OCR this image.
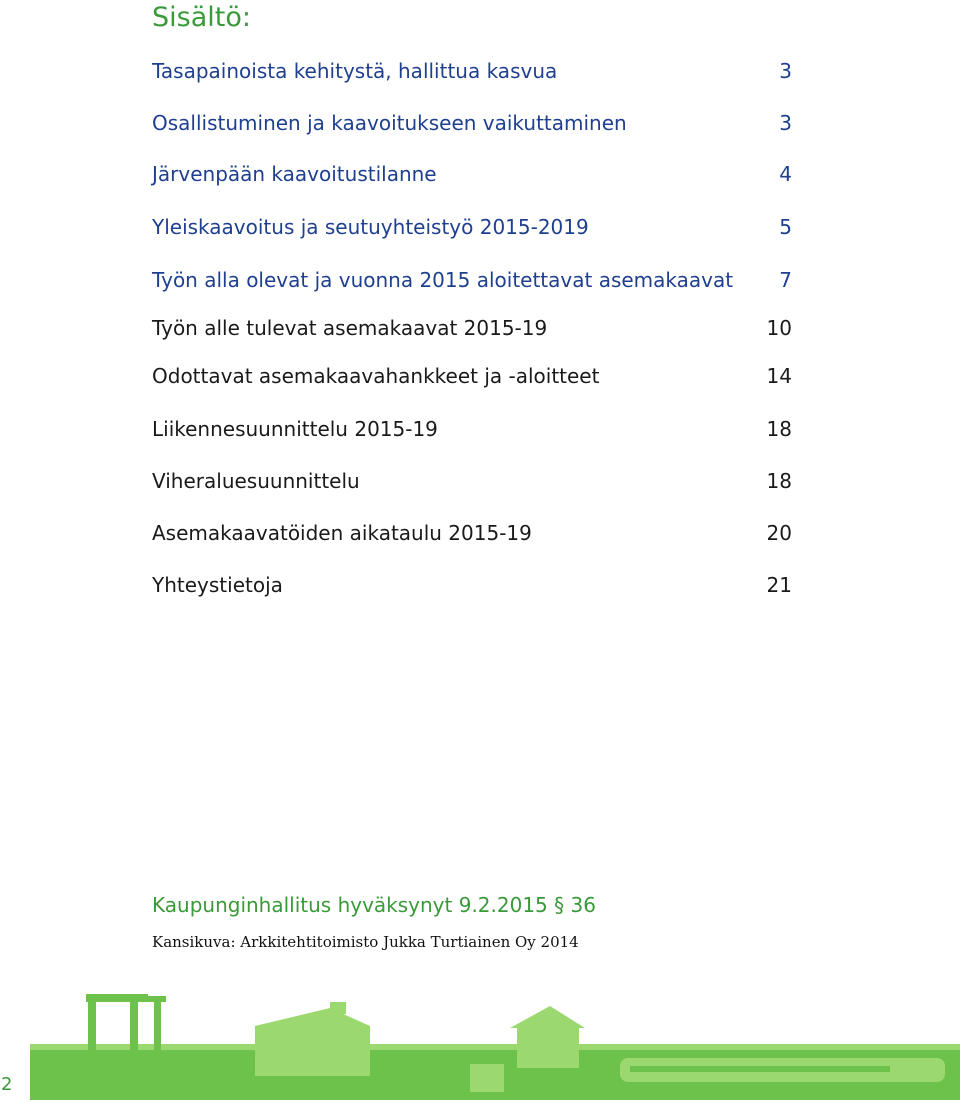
Sisältö:
Tasapainoista kehitystä, hallittua kasvua	3
Osallistuminen ja kaavoitukseen vaikuttaminen	3
Järvenpään kaavoitustilanne	4
Yleiskaavoitus ja seutuyhteistyö 2015-2019	5
Työn alla olevat ja vuonna 2015 aloitettavat asemakaavat 7
Työn alle tulevat asemakaavat 2015-19	10
Odottavat asemakaavahankkeet ja -aloitteet	14
Liikennesuunnittelu 2015-19	18
Viheraluesuunnittelu	18
Asemakaavatöiden aikataulu 2015-19	20
Yhteystietoja	21
Kaupunginhallitus hyväksynyt 9.2.2015 § 36
Kansikuva: Arkkitehtitoimisto Jukka Turtiainen Oy 2014
2
